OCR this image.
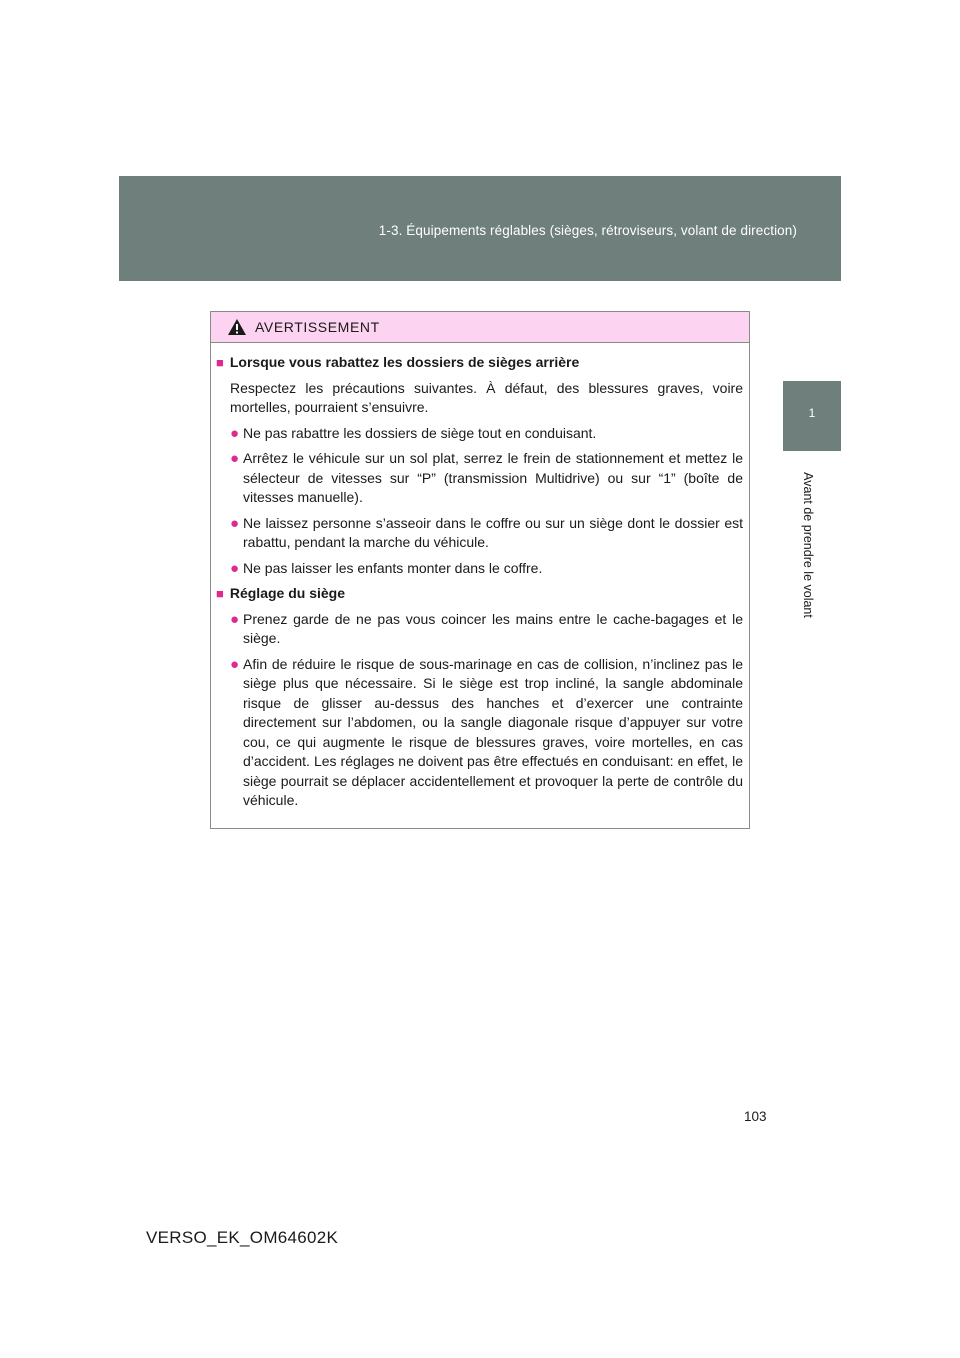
1-3. Équipements réglables (sièges, rétroviseurs, volant de direction)
1
Avant de prendre le volant
AVERTISSEMENT
■ Lorsque vous rabattez les dossiers de sièges arrière
Respectez les précautions suivantes. À défaut, des blessures graves, voire mortelles, pourraient s’ensuivre.
● Ne pas rabattre les dossiers de siège tout en conduisant.
● Arrêtez le véhicule sur un sol plat, serrez le frein de stationnement et mettez le sélecteur de vitesses sur “P” (transmission Multidrive) ou sur “1” (boîte de vitesses manuelle).
● Ne laissez personne s’asseoir dans le coffre ou sur un siège dont le dossier est rabattu, pendant la marche du véhicule.
● Ne pas laisser les enfants monter dans le coffre.
■ Réglage du siège
● Prenez garde de ne pas vous coincer les mains entre le cache-bagages et le siège.
● Afin de réduire le risque de sous-marinage en cas de collision, n’inclinez pas le siège plus que nécessaire. Si le siège est trop incliné, la sangle abdominale risque de glisser au-dessus des hanches et d’exercer une contrainte directement sur l’abdomen, ou la sangle diagonale risque d’appuyer sur votre cou, ce qui augmente le risque de blessures graves, voire mortelles, en cas d’accident. Les réglages ne doivent pas être effectués en conduisant: en effet, le siège pourrait se déplacer accidentellement et provoquer la perte de contrôle du véhicule.
103
VERSO_EK_OM64602K
